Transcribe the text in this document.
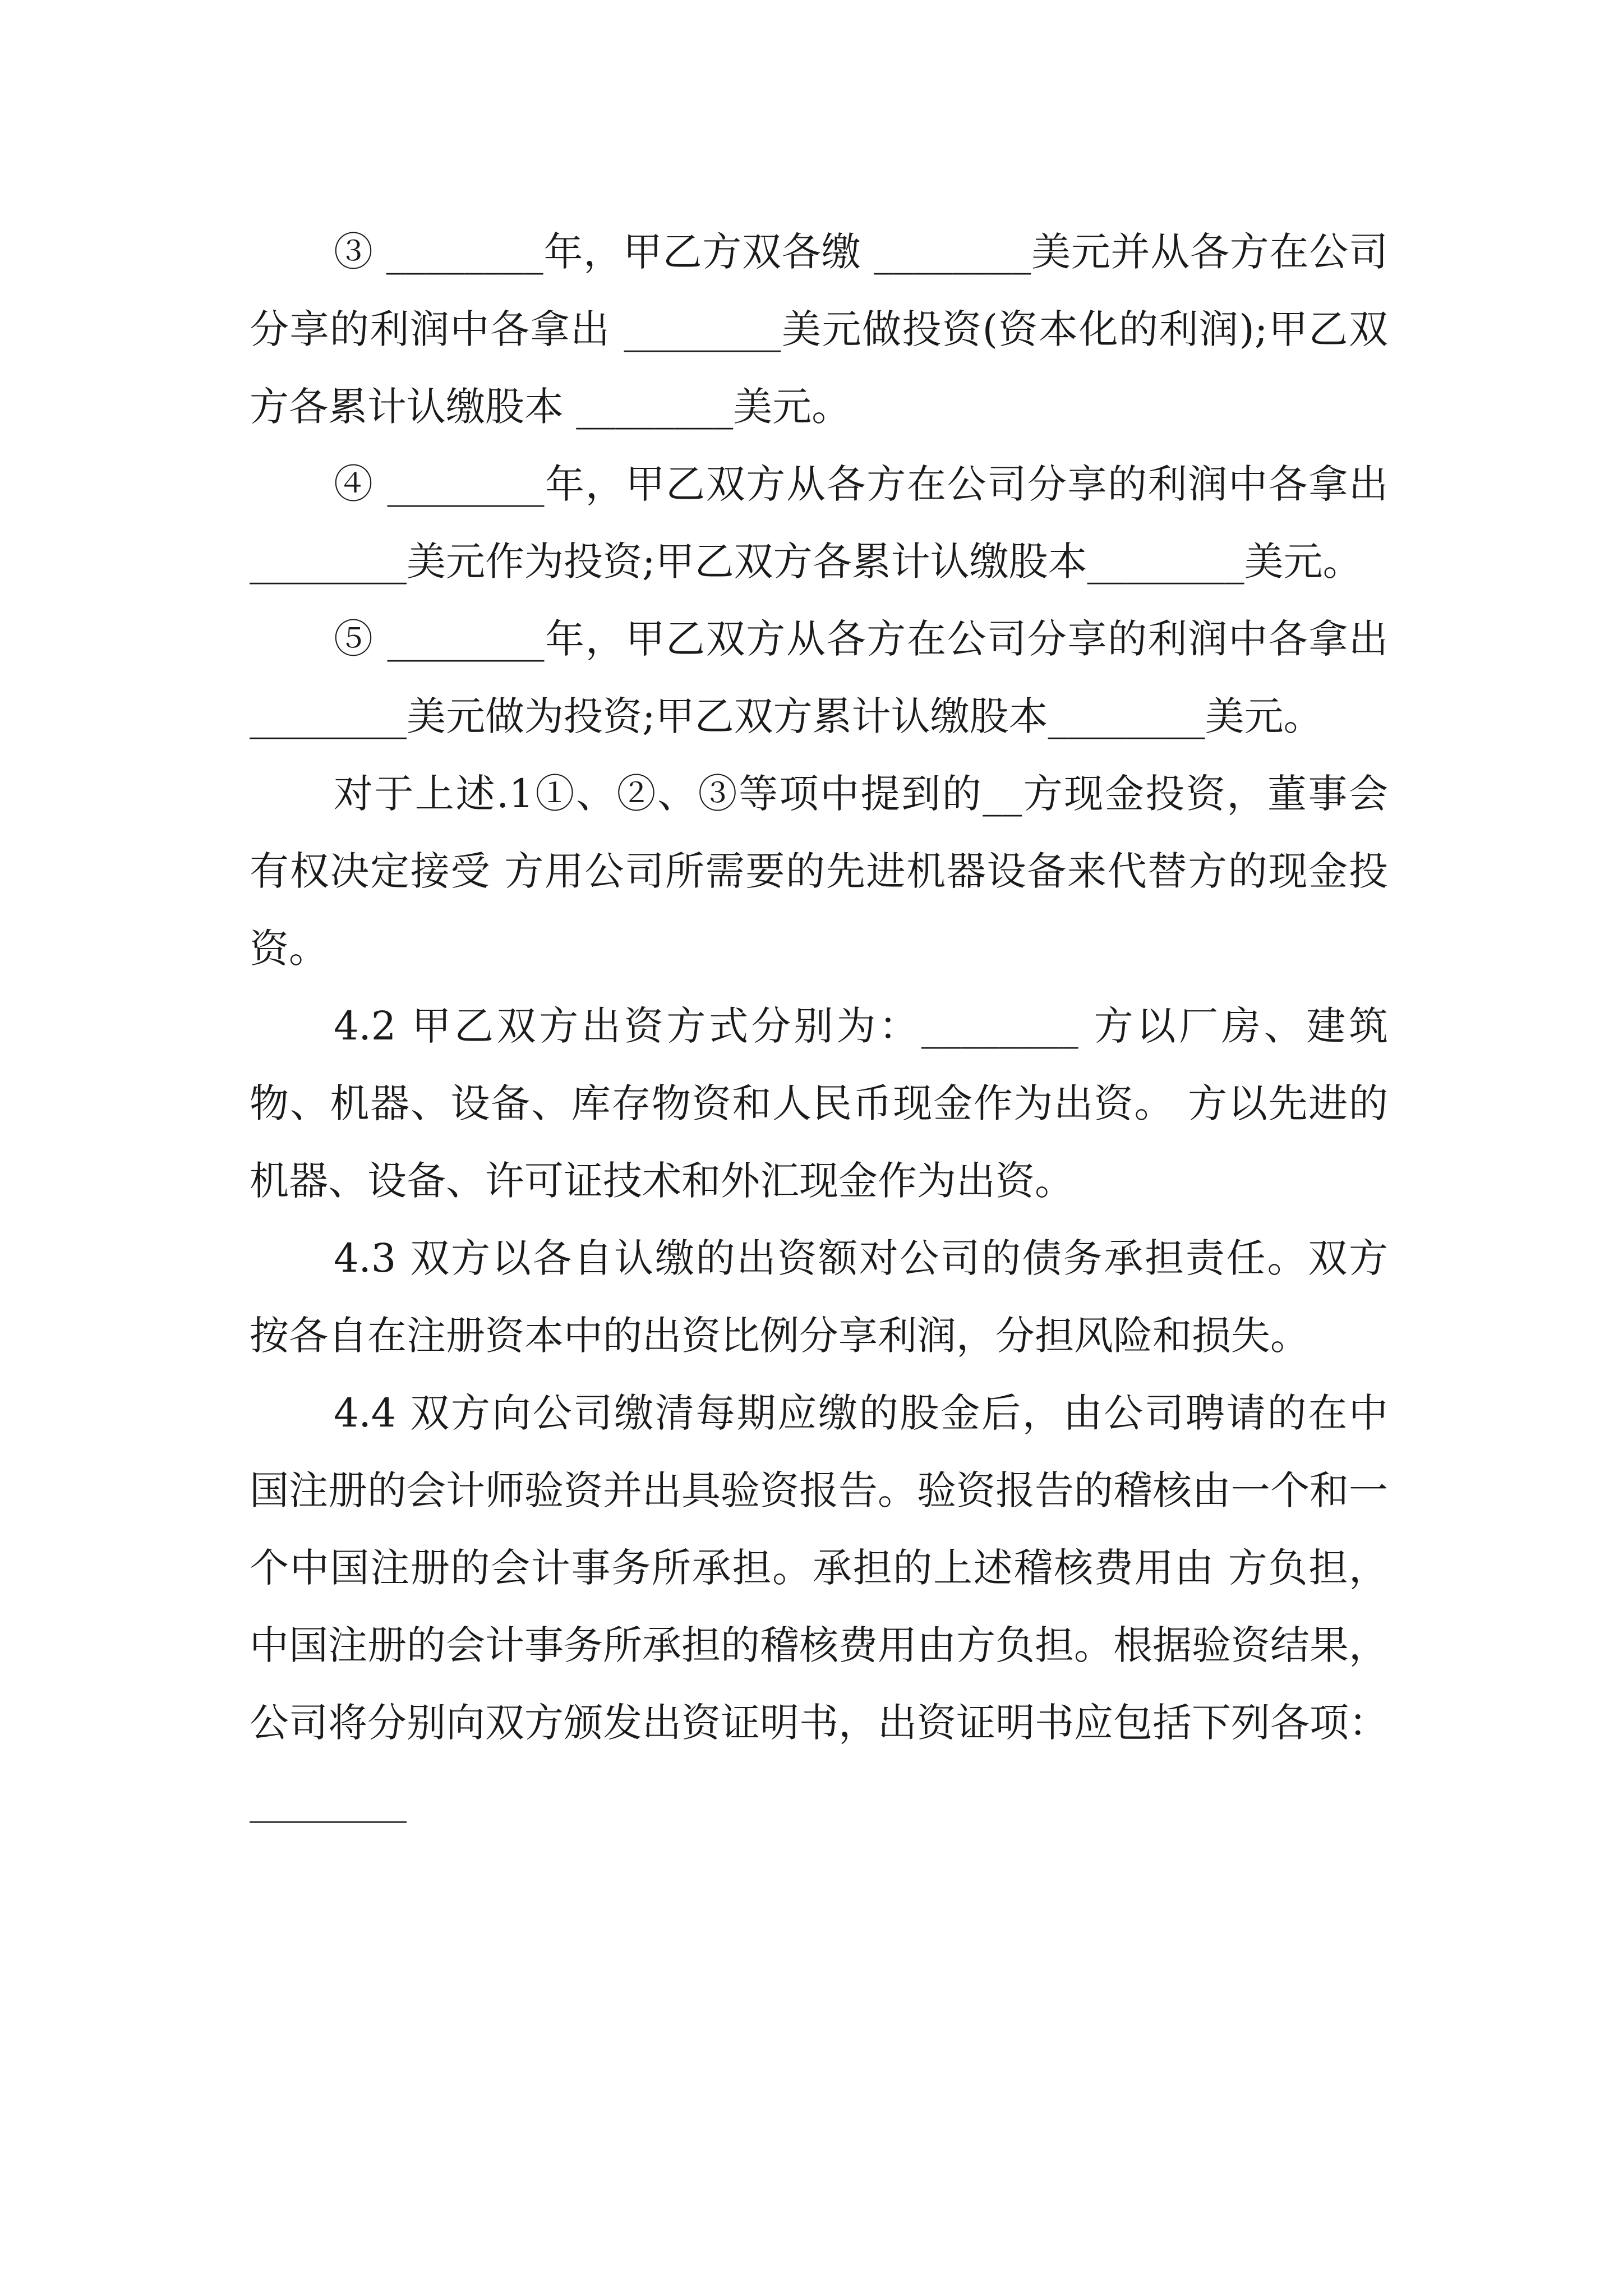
③ ________年，甲乙方双各缴 ________美元并从各方在公司分享的利润中各拿出 ________美元做投资(资本化的利润);甲乙双方各累计认缴股本 ________美元。

④ ________年，甲乙双方从各方在公司分享的利润中各拿出 ________美元作为投资;甲乙双方各累计认缴股本________美元。

⑤ ________年，甲乙双方从各方在公司分享的利润中各拿出 ________美元做为投资;甲乙双方累计认缴股本________美元。

对于上述.1①、②、③等项中提到的__方现金投资，董事会有权决定接受 方用公司所需要的先进机器设备来代替方的现金投资。

4.2 甲乙双方出资方式分别为：________ 方以厂房、建筑物、机器、设备、库存物资和人民币现金作为出资。 方以先进的机器、设备、许可证技术和外汇现金作为出资。

4.3 双方以各自认缴的出资额对公司的债务承担责任。双方按各自在注册资本中的出资比例分享利润，分担风险和损失。

4.4 双方向公司缴清每期应缴的股金后，由公司聘请的在中国注册的会计师验资并出具验资报告。验资报告的稽核由一个和一个中国注册的会计事务所承担。承担的上述稽核费用由 方负担，中国注册的会计事务所承担的稽核费用由方负担。根据验资结果，公司将分别向双方颁发出资证明书，出资证明书应包括下列各项：________
